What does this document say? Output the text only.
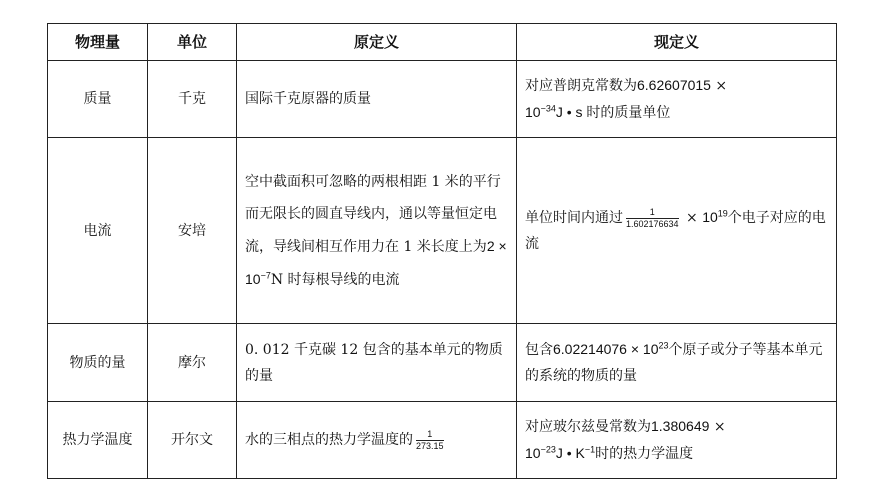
物理量	单位	原定义	现定义
质量	千克	国际千克原器的质量	对应普朗克常数为6.62607015 ×
$10^{-34}J$ • s 时的质量单位
电流	安培	空中截面积可忽略的两根相距 1 米的平行而无限长的圆直导线内，通以等量恒定电流，导线间相互作用力在 1 米长度上为$2 \times 10^{-7}N$ 时每根导线的电流	单位时间内通过 $\frac{1}{1.602176634} \times 10^{19}$个电子对应的电流
物质的量	摩尔	0. 012 千克碳 12 包含的基本单元的物质的量	包含$6.02214076 \times 10^{23}$个原子或分子等基本单元的系统的物质的量
热力学温度	开尔文	水的三相点的热力学温度的 $\frac{1}{273.15}$	对应玻尔兹曼常数为1.380649 ×
$10^{-23}J$ • $K^{-1}$时的热力学温度
